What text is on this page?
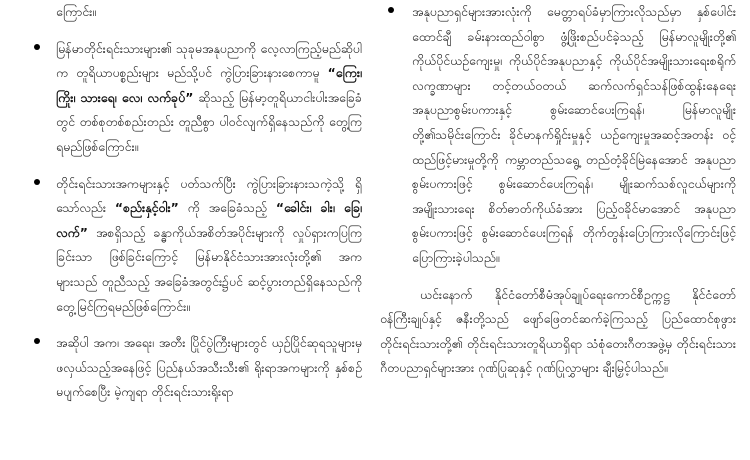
ကြောင်း။

မြန်မာတိုင်းရင်းသားများ၏ သုခုမအနုပညာကို လေ့လာကြည့်မည်ဆိုပါက တူရိယာပစ္စည်းများ မည်သို့ပင် ကွဲပြားခြားနားစေကာမူ “ကြေး၊ ကြိုး၊ သားရေ၊ လေ၊ လက်ခုပ်” ဆိုသည့် မြန်မာ့တူရိယာငါးပါးအခြေခံတွင် တစ်စုတစ်စည်းတည်း တူညီစွာ ပါဝင်လျက်ရှိနေသည်ကို တွေ့ကြရမည်ဖြစ်ကြောင်း။

တိုင်းရင်းသားအကများနှင့် ပတ်သက်ပြီး ကွဲပြားခြားနားသကဲ့သို့ ရှိသော်လည်း “စည်းနှင့်ဝါး” ကို အခြေခံသည့် “ခေါင်း၊ ခါး၊ ခြေ၊ လက်” အစရှိသည့် ခန္ဓာကိုယ်အစိတ်အပိုင်းများကို လှုပ်ရှားကပြကြခြင်းသာ ဖြစ်ခြင်းကြောင့် မြန်မာနိုင်ငံသားအားလုံးတို့၏ အကများသည် တူညီသည့် အခြေခံအတွင်း၌ပင် ဆင့်ပွားတည်ရှိနေသည်ကို တွေ့မြင်ကြရမည်ဖြစ်ကြောင်း။

အဆိုပါ အက၊ အရေး၊ အတီး ပြိုင်ပွဲကြီးများတွင် ယှဉ်ပြိုင်ဆုရသူများမှ ဖလှယ်သည့်အနေဖြင့် ပြည်နယ်အသီးသီး၏ ရိုးရာအကများကို နှစ်စဉ်မပျက်စေပြီး မဲ့ကျရာ တိုင်းရင်းသားရိုးရာ

အနုပညာရှင်များအားလုံးကို မေတ္တာရပ်ခံမှာကြားလိုသည်မှာ နှစ်ပေါင်းထောင်ချီ ခမ်းနားထည်ဝါစွာ ဖွံ့ဖြိုးစည်ပင်ခဲ့သည့် မြန်မာလူမျိုးတို့၏ ကိုယ်ပိုင်ယဉ်ကျေးမှု၊ ကိုယ်ပိုင်အနုပညာနှင့် ကိုယ်ပိုင်အမျိုးသားရေးစရိုက်လက္ခဏာများ တင့်တယ်ဝတယ် ဆက်လက်ရှင်သန်ဖြစ်ထွန်းနေရေး အနုပညာစွမ်းပကားနှင့် စွမ်းဆောင်ပေးကြရန်၊ မြန်မာလူမျိုးတို့၏သမိုင်းကြောင်း ခိုင်မာနက်ရှိုင်းမှုနှင့် ယဉ်ကျေးမှုအဆင့်အတန်း ဝင့်ထည်ဖြင့်မားမှုတို့ကို ကမ္ဘာတည်သရွေ့ တည်တံ့ခိုင်မြဲနေအောင် အနုပညာစွမ်းပကားဖြင့် စွမ်းဆောင်ပေးကြရန်၊ မျိုးဆက်သစ်လူငယ်များကို အမျိုးသားရေး စိတ်ဓာတ်ကိုယ်ခံအား ပြည့်ဝခိုင်မာအောင် အနုပညာစွမ်းပကားဖြင့် စွမ်းဆောင်ပေးကြရန် တိုက်တွန်းပြောကြားလိုကြောင်းဖြင့် ပြောကြားခဲ့ပါသည်။

ယင်းနောက် နိုင်ငံတော်စီမံအုပ်ချုပ်ရေးကောင်စီဥက္ကဋ္ဌ နိုင်ငံတော်ဝန်ကြီးချုပ်နှင့် ဇနီးတို့သည် ဖျော်ဖြေတင်ဆက်ခဲ့ကြသည့် ပြည်ထောင်စုဖွားတိုင်းရင်းသားတို့၏ တိုင်းရင်းသားတူရိယာရှိရာ သံစုံတေးဂီတအဖွဲ့မှ တိုင်းရင်းသားဂီတပညာရှင်များအား ဂုဏ်ပြုဆုနှင့် ဂုဏ်ပြုလွှာများ ချီးမြှင့်ပါသည်။
